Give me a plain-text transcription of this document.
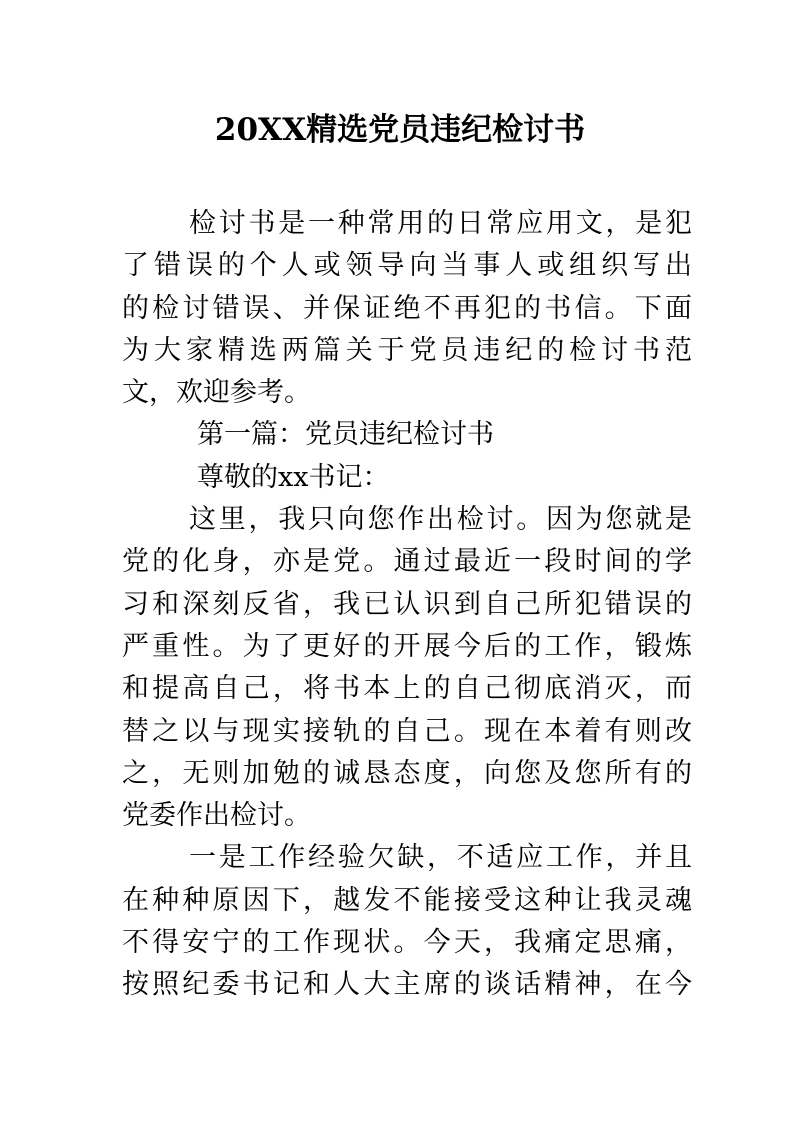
20XX精选党员违纪检讨书
检讨书是一种常用的日常应用文，是犯
了错误的个人或领导向当事人或组织写出
的检讨错误、并保证绝不再犯的书信。下面
为大家精选两篇关于党员违纪的检讨书范
文，欢迎参考。
第一篇：党员违纪检讨书
尊敬的xx书记：
这里，我只向您作出检讨。因为您就是
党的化身，亦是党。通过最近一段时间的学
习和深刻反省，我已认识到自己所犯错误的
严重性。为了更好的开展今后的工作，锻炼
和提高自己，将书本上的自己彻底消灭，而
替之以与现实接轨的自己。现在本着有则改
之，无则加勉的诚恳态度，向您及您所有的
党委作出检讨。
一是工作经验欠缺，不适应工作，并且
在种种原因下，越发不能接受这种让我灵魂
不得安宁的工作现状。今天，我痛定思痛，
按照纪委书记和人大主席的谈话精神，在今
